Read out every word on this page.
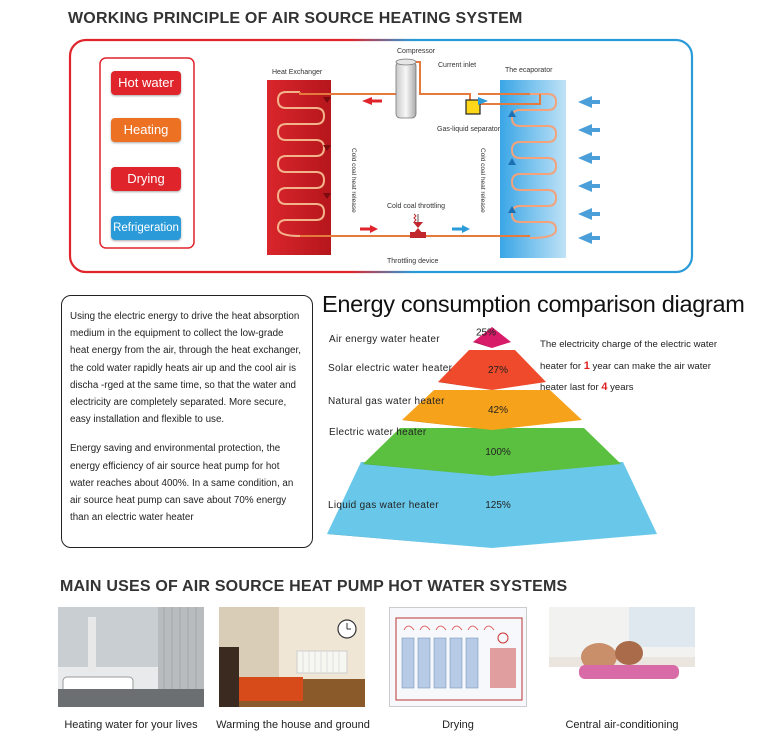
WORKING PRINCIPLE OF AIR SOURCE HEATING SYSTEM
Hot water
Heating
Drying
Refrigeration
Heat Exchanger
Compressor
Current inlet
The ecaporator
Gas-liquid separator
Cold coal heat release	Cold coal heat release
Cold coal throttling
Throttling device

Using the electric energy to drive the heat absorption medium in the equipment to collect the low-grade heat energy from the air, through the heat exchanger, the cold water rapidly heats air up and the cool air is discha -rged at the same time, so that the water and electricity are completely separated. More secure, easy installation and flexible to use.

Energy saving and environmental protection, the energy efficiency of air source heat pump for hot water reaches about 400%. In a same condition, an air source heat pump can save about 70% energy than an electric water heater

Energy consumption comparison diagram
125%
100%
42%
27%
25%
Air energy water heater
Solar electric water heater
Natural gas water heater
Electric water heater
Liquid gas water heater
The electricity charge of the electric water heater for 1 year can make the air water heater last for 4 years
MAIN USES OF AIR SOURCE HEAT PUMP HOT WATER SYSTEMS
Heating water for your lives	Warming the house and ground	Drying	Central air-conditioning
